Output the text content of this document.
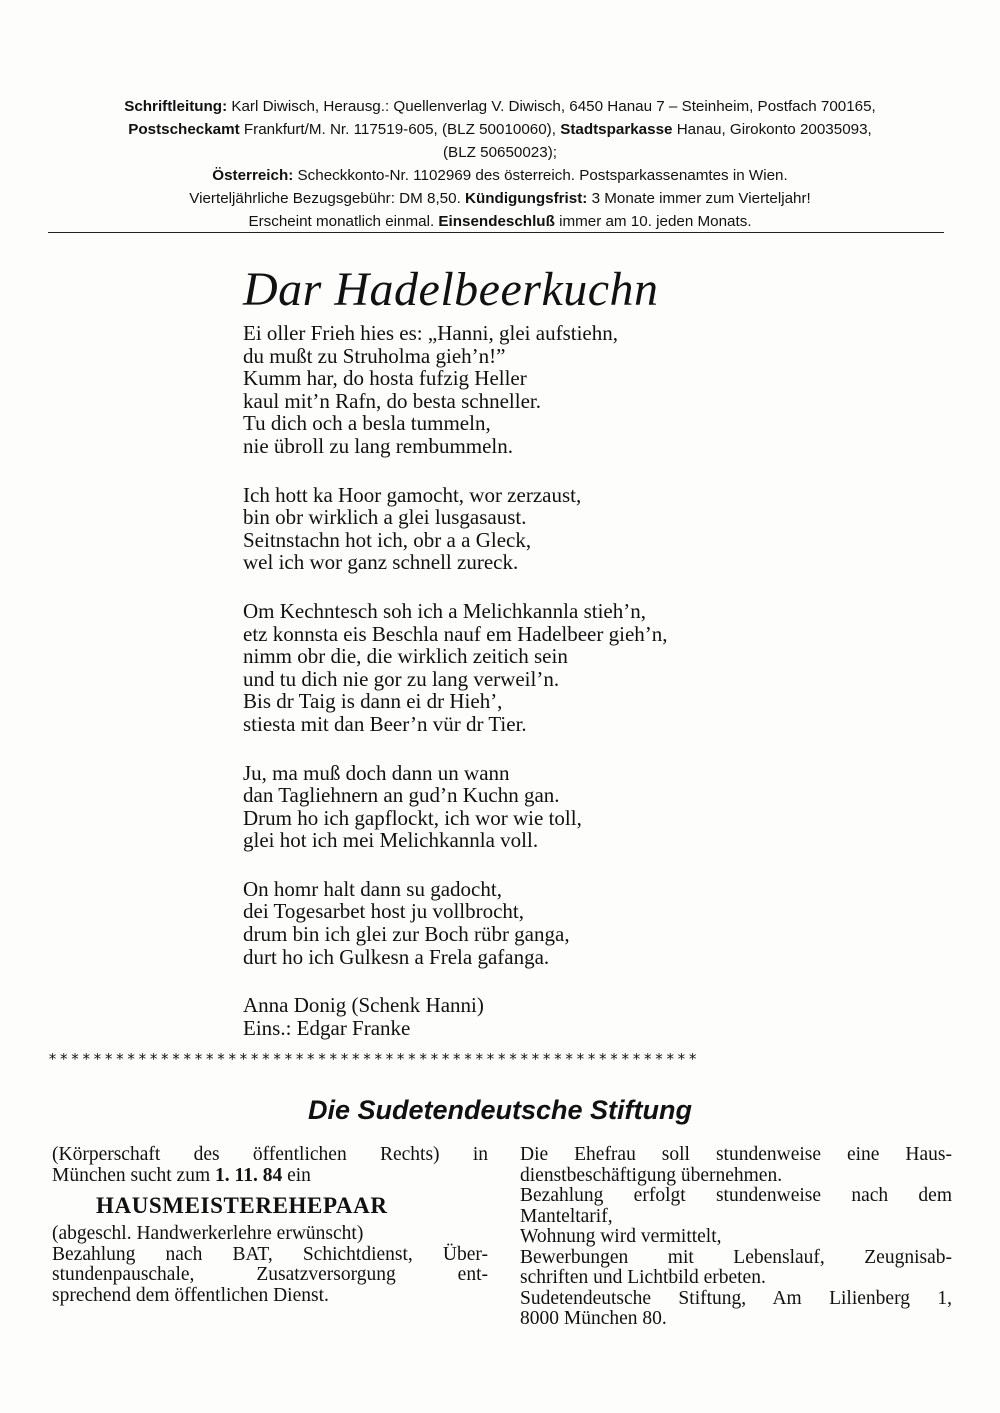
Schriftleitung: Karl Diwisch, Herausg.: Quellenverlag V. Diwisch, 6450 Hanau 7 – Steinheim, Postfach 700165,
Postscheckamt Frankfurt/M. Nr. 117519-605, (BLZ 50010060), Stadtsparkasse Hanau, Girokonto 20035093,
(BLZ 50650023);
Österreich: Scheckkonto-Nr. 1102969 des österreich. Postsparkassenamtes in Wien.
Vierteljährliche Bezugsgebühr: DM 8,50. Kündigungsfrist: 3 Monate immer zum Vierteljahr!
Erscheint monatlich einmal. Einsendeschluß immer am 10. jeden Monats.
Dar Hadelbeerkuchn
Ei oller Frieh hies es: „Hanni, glei aufstiehn,
du mußt zu Struholma gieh’n!”
Kumm har, do hosta fufzig Heller
kaul mit’n Rafn, do besta schneller.
Tu dich och a besla tummeln,
nie übroll zu lang rembummeln.
Ich hott ka Hoor gamocht, wor zerzaust,
bin obr wirklich a glei lusgasaust.
Seitnstachn hot ich, obr a a Gleck,
wel ich wor ganz schnell zureck.
Om Kechntesch soh ich a Melichkannla stieh’n,
etz konnsta eis Beschla nauf em Hadelbeer gieh’n,
nimm obr die, die wirklich zeitich sein
und tu dich nie gor zu lang verweil’n.
Bis dr Taig is dann ei dr Hieh’,
stiesta mit dan Beer’n vür dr Tier.
Ju, ma muß doch dann un wann
dan Tagliehnern an gud’n Kuchn gan.
Drum ho ich gapflockt, ich wor wie toll,
glei hot ich mei Melichkannla voll.
On homr halt dann su gadocht,
dei Togesarbet host ju vollbrocht,
drum bin ich glei zur Boch rübr ganga,
durt ho ich Gulkesn a Frela gafanga.
Anna Donig (Schenk Hanni)
Eins.: Edgar Franke
**********************************************************
Die Sudetendeutsche Stiftung
(Körperschaft des öffentlichen Rechts) in
München sucht zum 1. 11. 84 ein
HAUSMEISTEREHEPAAR
(abgeschl. Handwerkerlehre erwünscht)
Bezahlung nach BAT, Schichtdienst, Über-
stundenpauschale, Zusatzversorgung ent-
sprechend dem öffentlichen Dienst.
Die Ehefrau soll stundenweise eine Haus-
dienstbeschäftigung übernehmen.
Bezahlung erfolgt stundenweise nach dem
Manteltarif,
Wohnung wird vermittelt,
Bewerbungen mit Lebenslauf, Zeugnisab-
schriften und Lichtbild erbeten.
Sudetendeutsche Stiftung, Am Lilienberg 1,
8000 München 80.
